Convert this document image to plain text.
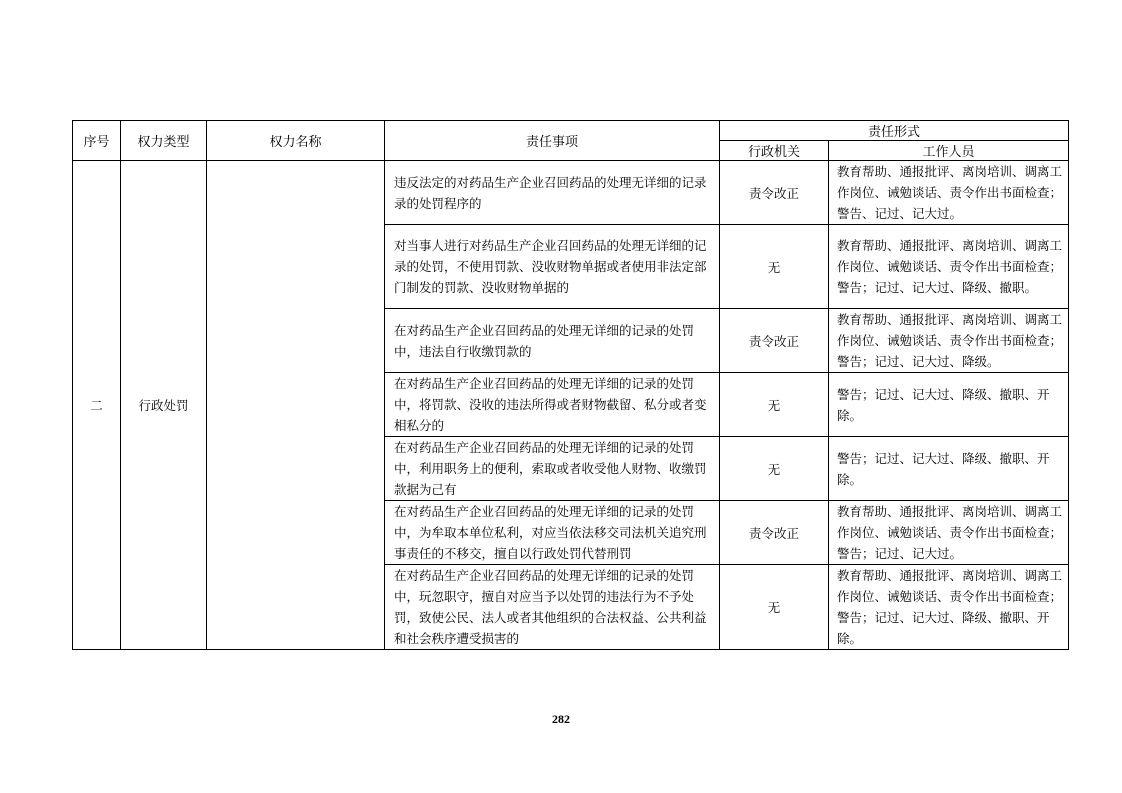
序号	权力类型	权力名称	责任事项	责任形式	
				行政机关	工作人员
二	行政处罚		违反法定的对药品生产企业召回药品的处理无详细的记录录的处罚程序的	责令改正	教育帮助、通报批评、离岗培训、调离工作岗位、诫勉谈话、责令作出书面检查；警告、记过、记大过。
			对当事人进行对药品生产企业召回药品的处理无详细的记录的处罚，不使用罚款、没收财物单据或者使用非法定部门制发的罚款、没收财物单据的	无	教育帮助、通报批评、离岗培训、调离工作岗位、诫勉谈话、责令作出书面检查；警告；记过、记大过、降级、撤职。
			在对药品生产企业召回药品的处理无详细的记录的处罚中，违法自行收缴罚款的	责令改正	教育帮助、通报批评、离岗培训、调离工作岗位、诫勉谈话、责令作出书面检查；警告；记过、记大过、降级。
			在对药品生产企业召回药品的处理无详细的记录的处罚中，将罚款、没收的违法所得或者财物截留、私分或者变相私分的	无	警告；记过、记大过、降级、撤职、开除。
			在对药品生产企业召回药品的处理无详细的记录的处罚中，利用职务上的便利，索取或者收受他人财物、收缴罚款据为己有	无	警告；记过、记大过、降级、撤职、开除。
			在对药品生产企业召回药品的处理无详细的记录的处罚中，为牟取本单位私利，对应当依法移交司法机关追究刑事责任的不移交，擅自以行政处罚代替刑罚	责令改正	教育帮助、通报批评、离岗培训、调离工作岗位、诫勉谈话、责令作出书面检查；警告；记过、记大过。
			在对药品生产企业召回药品的处理无详细的记录的处罚中，玩忽职守，擅自对应当予以处罚的违法行为不予处罚，致使公民、法人或者其他组织的合法权益、公共利益和社会秩序遭受损害的	无	教育帮助、通报批评、离岗培训、调离工作岗位、诫勉谈话、责令作出书面检查；警告；记过、记大过、降级、撤职、开除。
282
